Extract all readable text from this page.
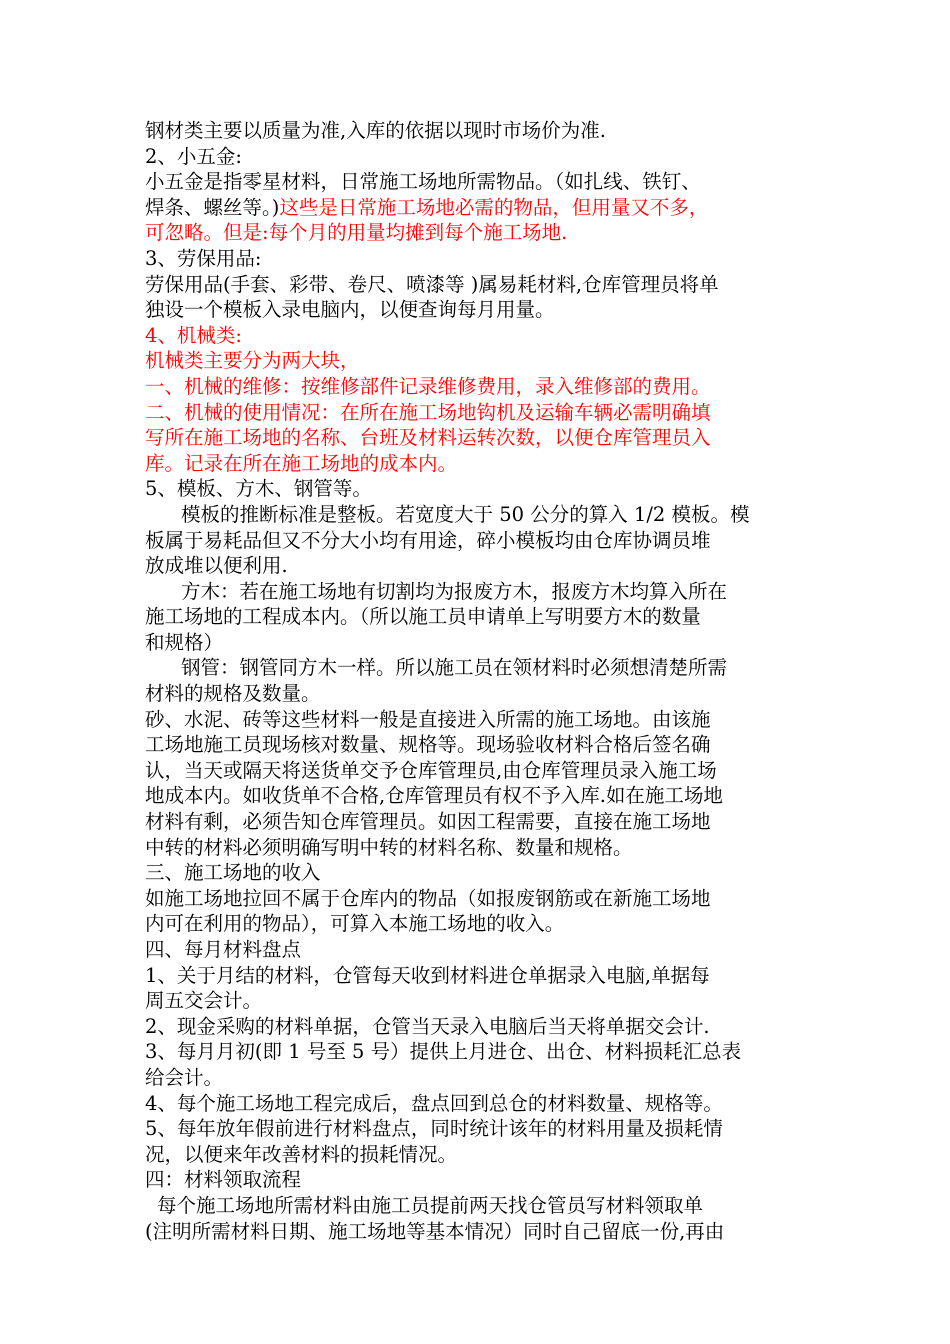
钢材类主要以质量为准,入库的依据以现时市场价为准.
2、小五金:
小五金是指零星材料，日常施工场地所需物品。（如扎线、铁钉、
焊条、螺丝等。)这些是日常施工场地必需的物品，但用量又不多，
可忽略。但是:每个月的用量均摊到每个施工场地.
3、劳保用品:
劳保用品(手套、彩带、卷尺、喷漆等 )属易耗材料,仓库管理员将单
独设一个模板入录电脑内，以便查询每月用量。
4、机械类:
机械类主要分为两大块，
一、机械的维修：按维修部件记录维修费用，录入维修部的费用。
二、机械的使用情况：在所在施工场地钩机及运输车辆必需明确填
写所在施工场地的名称、台班及材料运转次数，以便仓库管理员入
库。记录在所在施工场地的成本内。
5、模板、方木、钢管等。
模板的推断标准是整板。若宽度大于 50 公分的算入 1/2 模板。模
板属于易耗品但又不分大小均有用途，碎小模板均由仓库协调员堆
放成堆以便利用.
方木：若在施工场地有切割均为报废方木，报废方木均算入所在
施工场地的工程成本内。（所以施工员申请单上写明要方木的数量
和规格）
钢管：钢管同方木一样。所以施工员在领材料时必须想清楚所需
材料的规格及数量。
砂、水泥、砖等这些材料一般是直接进入所需的施工场地。由该施
工场地施工员现场核对数量、规格等。现场验收材料合格后签名确
认，当天或隔天将送货单交予仓库管理员,由仓库管理员录入施工场
地成本内。如收货单不合格,仓库管理员有权不予入库.如在施工场地
材料有剩，必须告知仓库管理员。如因工程需要，直接在施工场地
中转的材料必须明确写明中转的材料名称、数量和规格。
三、施工场地的收入
如施工场地拉回不属于仓库内的物品（如报废钢筋或在新施工场地
内可在利用的物品），可算入本施工场地的收入。
四、每月材料盘点
1、关于月结的材料，仓管每天收到材料进仓单据录入电脑,单据每
周五交会计。
2、现金采购的材料单据，仓管当天录入电脑后当天将单据交会计.
3、每月月初(即 1 号至 5 号）提供上月进仓、出仓、材料损耗汇总表
给会计。
4、每个施工场地工程完成后，盘点回到总仓的材料数量、规格等。
5、每年放年假前进行材料盘点，同时统计该年的材料用量及损耗情
况，以便来年改善材料的损耗情况。
四：材料领取流程
每个施工场地所需材料由施工员提前两天找仓管员写材料领取单
(注明所需材料日期、施工场地等基本情况）同时自己留底一份,再由
